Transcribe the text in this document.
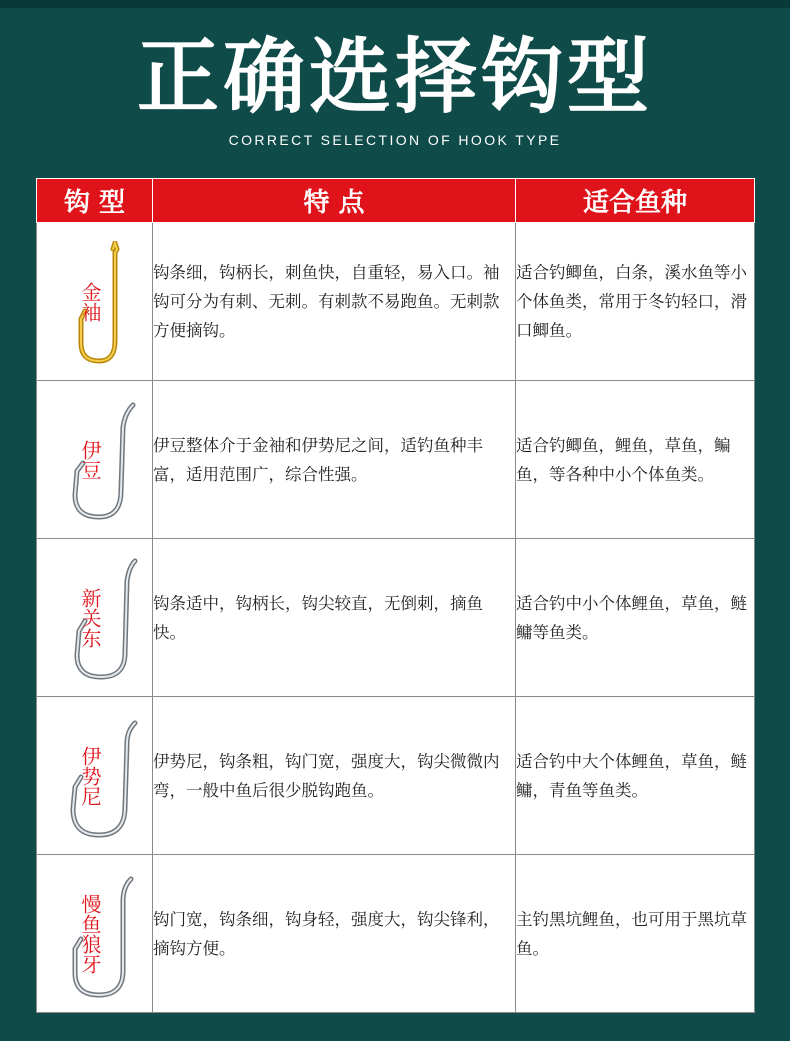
正确选择钩型
CORRECT SELECTION OF HOOK TYPE
钩 型	特 点	适合鱼种

金袖	钩条细，钩柄长，刺鱼快，自重轻，易入口。袖钩可分为有刺、无刺。有刺款不易跑鱼。无刺款方便摘钩。	适合钓鲫鱼，白条，溪水鱼等小个体鱼类，常用于冬钓轻口，滑口鲫鱼。

伊豆	伊豆整体介于金袖和伊势尼之间，适钓鱼种丰富，适用范围广，综合性强。	适合钓鲫鱼，鲤鱼，草鱼，鳊鱼，等各种中小个体鱼类。

新关东	钩条适中，钩柄长，钩尖较直，无倒刺，摘鱼快。	适合钓中小个体鲤鱼，草鱼，鲢鳙等鱼类。

伊势尼	伊势尼，钩条粗，钩门宽，强度大，钩尖微微内弯，一般中鱼后很少脱钩跑鱼。	适合钓中大个体鲤鱼，草鱼，鲢鳙，青鱼等鱼类。

慢鱼狼牙	钩门宽，钩条细，钩身轻，强度大，钩尖锋利，摘钩方便。	主钓黑坑鲤鱼，也可用于黑坑草鱼。
